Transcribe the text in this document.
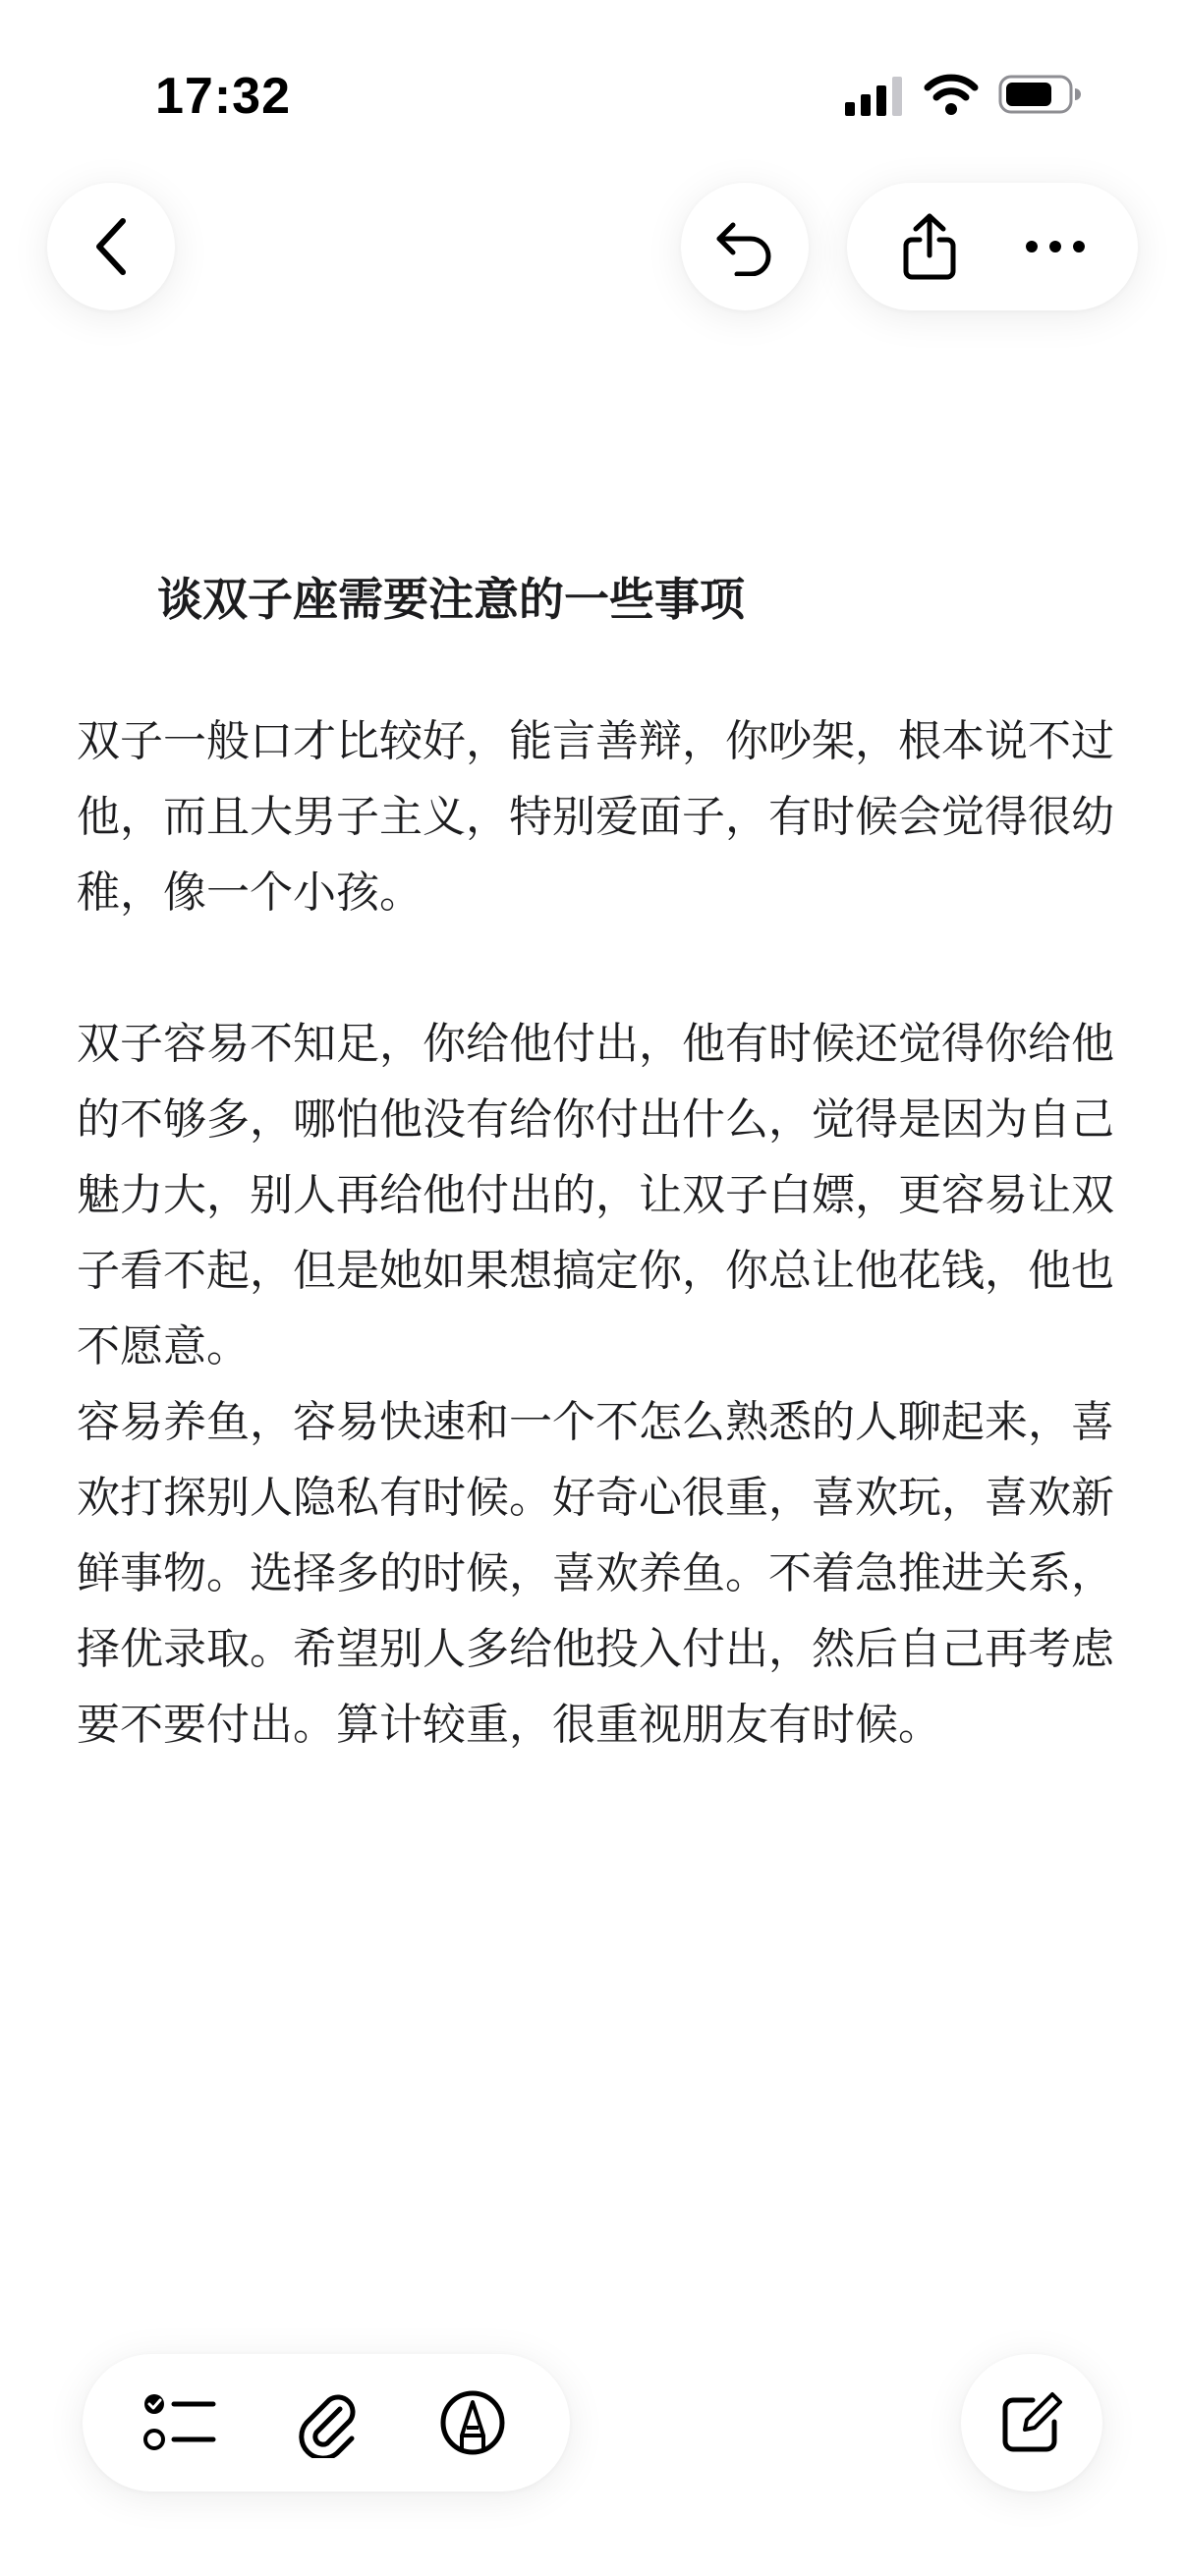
17:32
谈双子座需要注意的一些事项

双子一般口才比较好，能言善辩，你吵架，根本说不过他，而且大男子主义，特别爱面子，有时候会觉得很幼稚，像一个小孩。

双子容易不知足，你给他付出，他有时候还觉得你给他的不够多，哪怕他没有给你付出什么，觉得是因为自己魅力大，别人再给他付出的，让双子白嫖，更容易让双子看不起，但是她如果想搞定你，你总让他花钱，他也不愿意。

容易养鱼，容易快速和一个不怎么熟悉的人聊起来，喜欢打探别人隐私有时候。好奇心很重，喜欢玩，喜欢新鲜事物。选择多的时候，喜欢养鱼。不着急推进关系，择优录取。希望别人多给他投入付出，然后自己再考虑要不要付出。算计较重，很重视朋友有时候。
